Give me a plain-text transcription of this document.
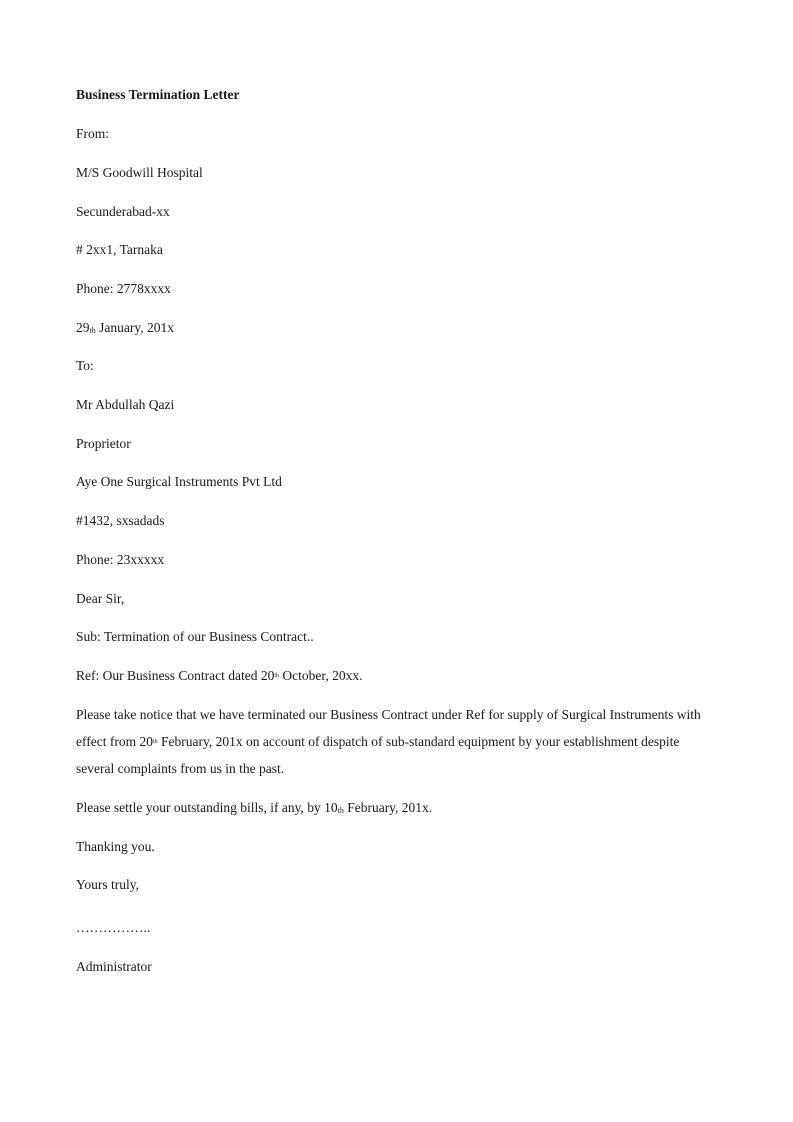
Business Termination Letter
From:
M/S Goodwill Hospital
Secunderabad-xx
# 2xx1, Tarnaka
Phone: 2778xxxx
$29_{th}$ January, 201x
To:
Mr Abdullah Qazi
Proprietor
Aye One Surgical Instruments Pvt Ltd
#1432, sxsadads
Phone: 23xxxxx
Dear Sir,
Sub: Termination of our Business Contract..
Ref: Our Business Contract dated 20th October, 20xx.
Please take notice that we have terminated our Business Contract under Ref for supply of Surgical Instruments with effect from 20th February, 201x on account of dispatch of sub-standard equipment by your establishment despite several complaints from us in the past.
Please settle your outstanding bills, if any, by $10_{th}$ February, 201x.
Thanking you.
Yours truly,
……………..
Administrator
